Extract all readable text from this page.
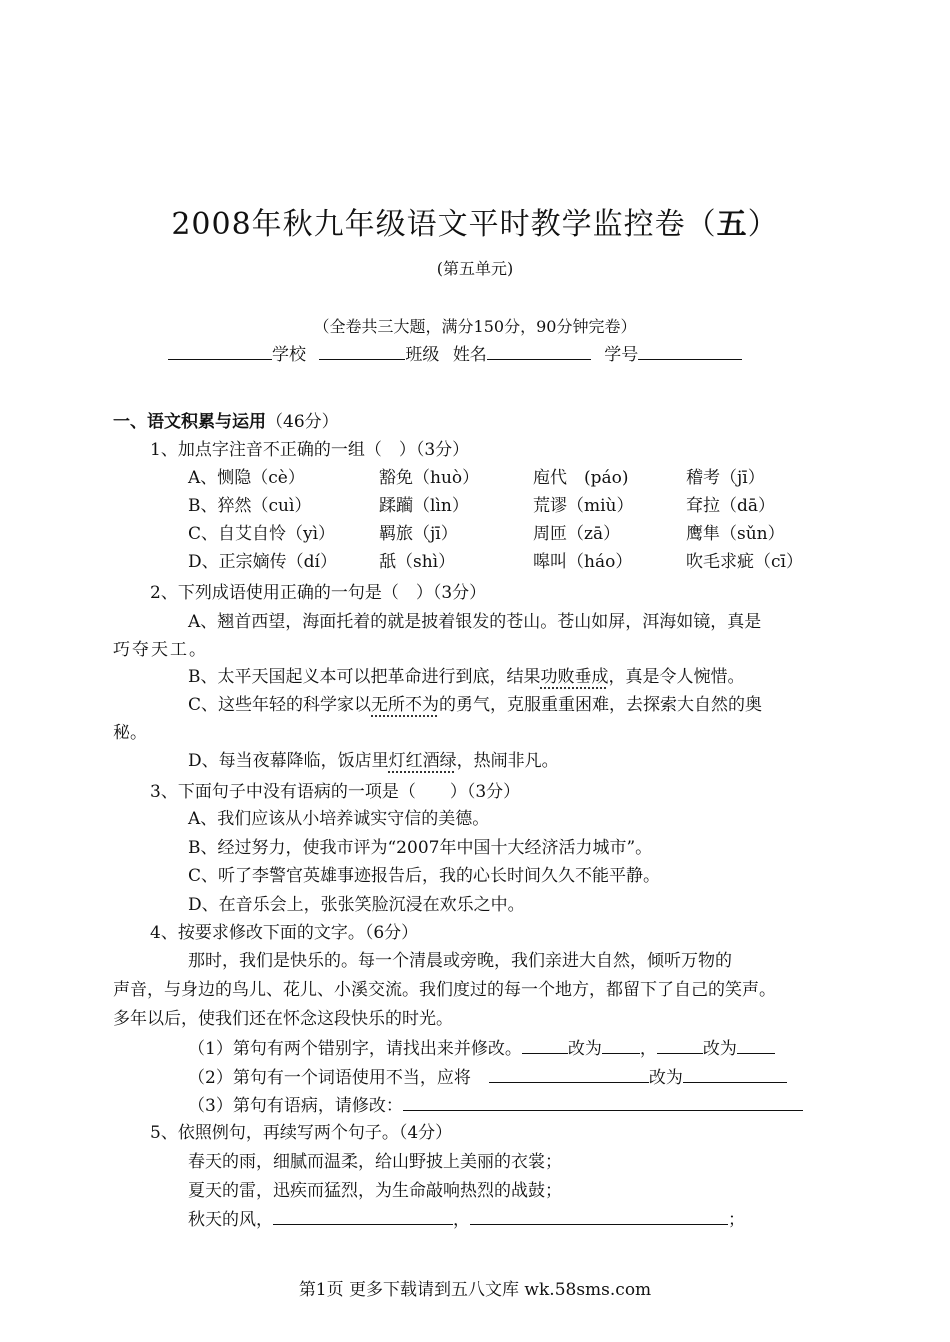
2008年秋九年级语文平时教学监控卷（五）
(第五单元)
（全卷共三大题，满分150分，90分钟完卷）
学校	班级 姓名	学号
一、语文积累与运用（46分）
1、加点字注音不正确的一组（　）（3分）
A、恻隐（cè）	豁免（huò）	庖代　(páo)	稽考（jī）
B、猝然（cuì）	蹂躏（lìn）	荒谬（miù）	耷拉（dā）
C、自艾自怜（yì）	羁旅（jī）	周匝（zā）	鹰隼（sǔn）
D、正宗嫡传（dí） 舐（shì）	嗥叫（háo）	吹毛求疵（cī）
2、下列成语使用正确的一句是（　）（3分）
A、翘首西望，海面托着的就是披着银发的苍山。苍山如屏，洱海如镜，真是
巧夺天工。
B、太平天国起义本可以把革命进行到底，结果功败垂成，真是令人惋惜。
C、这些年轻的科学家以无所不为的勇气，克服重重困难，去探索大自然的奥
秘。
D、每当夜幕降临，饭店里灯红酒绿，热闹非凡。
3、下面句子中没有语病的一项是（　　）（3分）
A、我们应该从小培养诚实守信的美德。
B、经过努力，使我市评为“2007年中国十大经济活力城市”。
C、听了李警官英雄事迹报告后，我的心长时间久久不能平静。
D、在音乐会上，张张笑脸沉浸在欢乐之中。
4、按要求修改下面的文字。（6分）
那时，我们是快乐的。每一个清晨或旁晚，我们亲进大自然，倾听万物的
声音，与身边的鸟儿、花儿、小溪交流。我们度过的每一个地方，都留下了自己的笑声。
多年以后，使我们还在怀念这段快乐的时光。
（1）第句有两个错别字，请找出来并修改。	改为 ，	改为
（2）第句有一个词语使用不当，应将	改为
（3）第句有语病，请修改：
5、依照例句，再续写两个句子。（4分）
春天的雨，细腻而温柔，给山野披上美丽的衣裳；
夏天的雷，迅疾而猛烈，为生命敲响热烈的战鼓；
秋天的风，	，	；
第1页 更多下载请到五八文库 wk.58sms.com
